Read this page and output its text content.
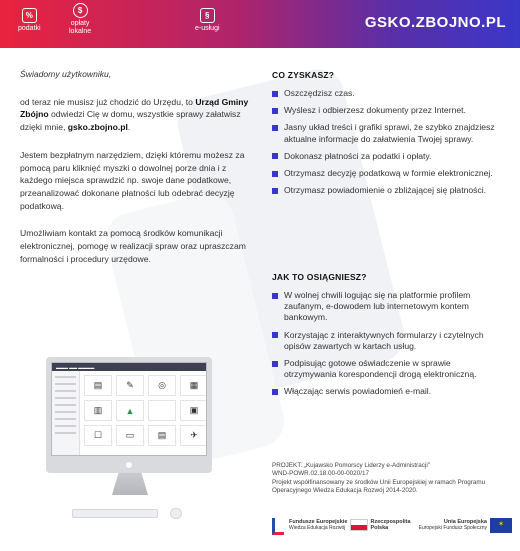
%
podatki
$
opłaty
lokalne
§
e-usługi	GSKO.ZBOJNO.PL

Świadomy użytkowniku,

od teraz nie musisz już chodzić do Urzędu, to Urząd Gminy Zbójno odwiedzi Cię w domu, wszystkie sprawy załatwisz dzięki mnie, gsko.zbojno.pl.

Jestem bezpłatnym narzędziem, dzięki któremu możesz za pomocą paru kliknięć myszki o dowolnej porze dnia i z każdego miejsca sprawdzić np. swoje dane podatkowe, przeanalizować dokonane płatności lub odebrać decyzję podatkową.

Umożliwiam kontakt za pomocą środków komunikacji elektronicznej, pomogę w realizacji spraw oraz upraszczam formalności i procedury urzędowe.

CO ZYSKASZ?
Oszczędzisz czas.
Wyślesz i odbierzesz dokumenty przez Internet.
Jasny układ treści i grafiki sprawi, że szybko znajdziesz aktualne informacje do załatwienia Twojej sprawy.
Dokonasz płatności za podatki i opłaty.
Otrzymasz decyzję podatkową w formie elektronicznej.
Otrzymasz powiadomienie o zbliżającej się płatności.
JAK TO OSIĄGNIESZ?
W wolnej chwili logując się na platformie profilem zaufanym, e-dowodem lub internetowym kontem bankowym.
Korzystając z interaktywnych formularzy i czytelnych opisów zawartych w kartach usług.
Podpisując gotowe oświadczenie w sprawie otrzymywania korespondencji drogą elektroniczną.
Włączając serwis powiadomień e-mail.
▬▬▬ ▬▬ ▬▬▬▬
▤	✎	◎	▦
▥	▲	▣
☐	▭	▤	✈
PROJEKT: „Kujawsko Pomorscy Liderzy e-Administracji"
WND-POWR.02.18.00-00-0020/17
Projekt współfinansowany ze środków Unii Europejskiej w ramach Programu Operacyjnego Wiedza Edukacja Rozwój 2014-2020.
Fundusze Europejskie
Wiedza Edukacja Rozwój
Rzeczpospolita Polska
Unia Europejska
Europejski Fundusz Społeczny	✶
